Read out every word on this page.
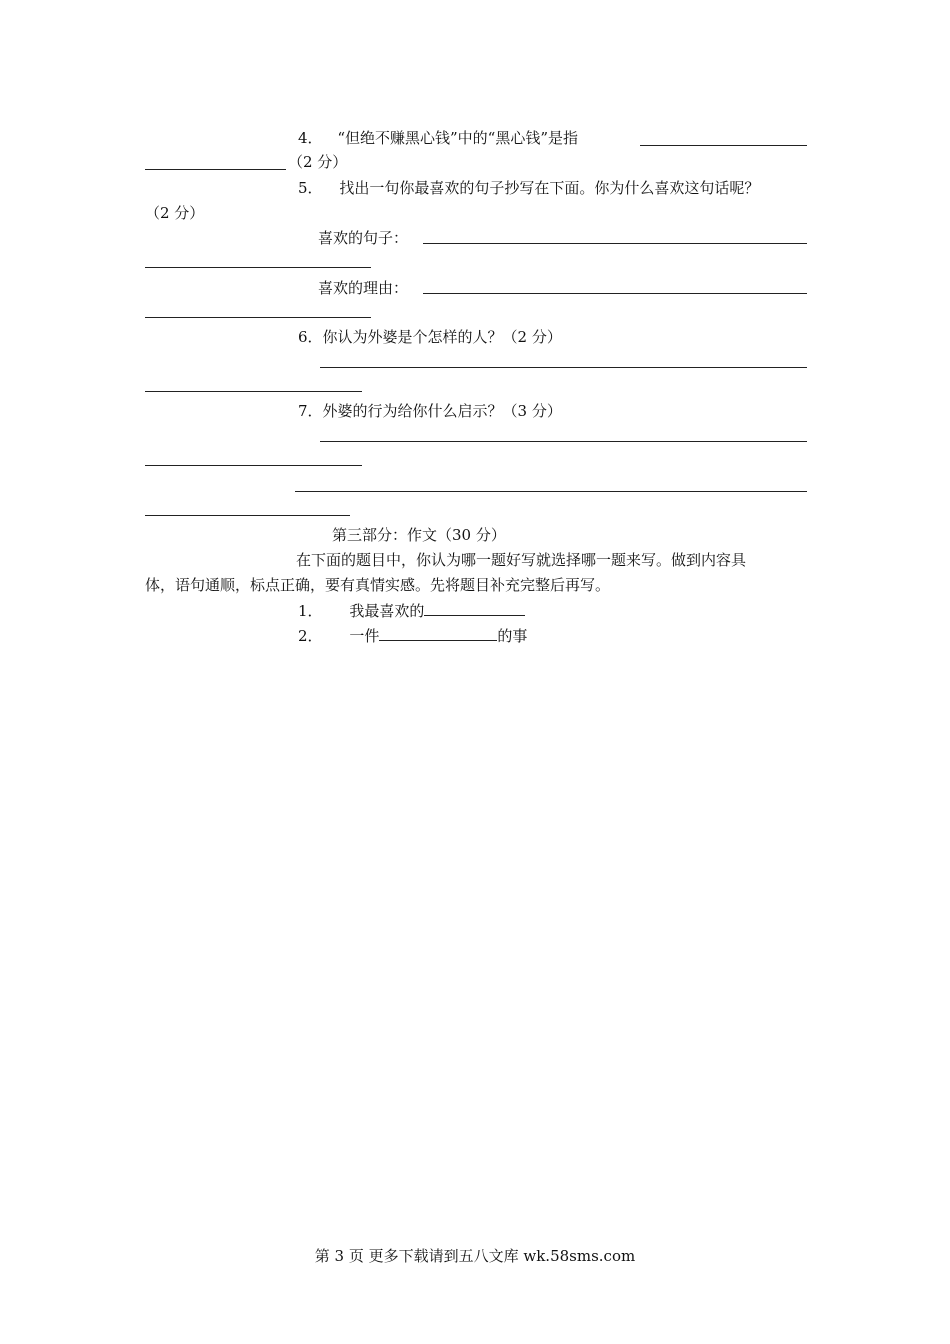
4． “但绝不赚黑心钱”中的“黑心钱”是指
（2 分）
5． 找出一句你最喜欢的句子抄写在下面。你为什么喜欢这句话呢？
（2 分）
喜欢的句子：
喜欢的理由：
6．你认为外婆是个怎样的人？（2 分）
7．外婆的行为给你什么启示？（3 分）
第三部分：作文（30 分）
在下面的题目中，你认为哪一题好写就选择哪一题来写。做到内容具
体，语句通顺，标点正确，要有真情实感。先将题目补充完整后再写。
1． 我最喜欢的
2． 一件	的事
第 3 页 更多下载请到五八文库 wk.58sms.com
